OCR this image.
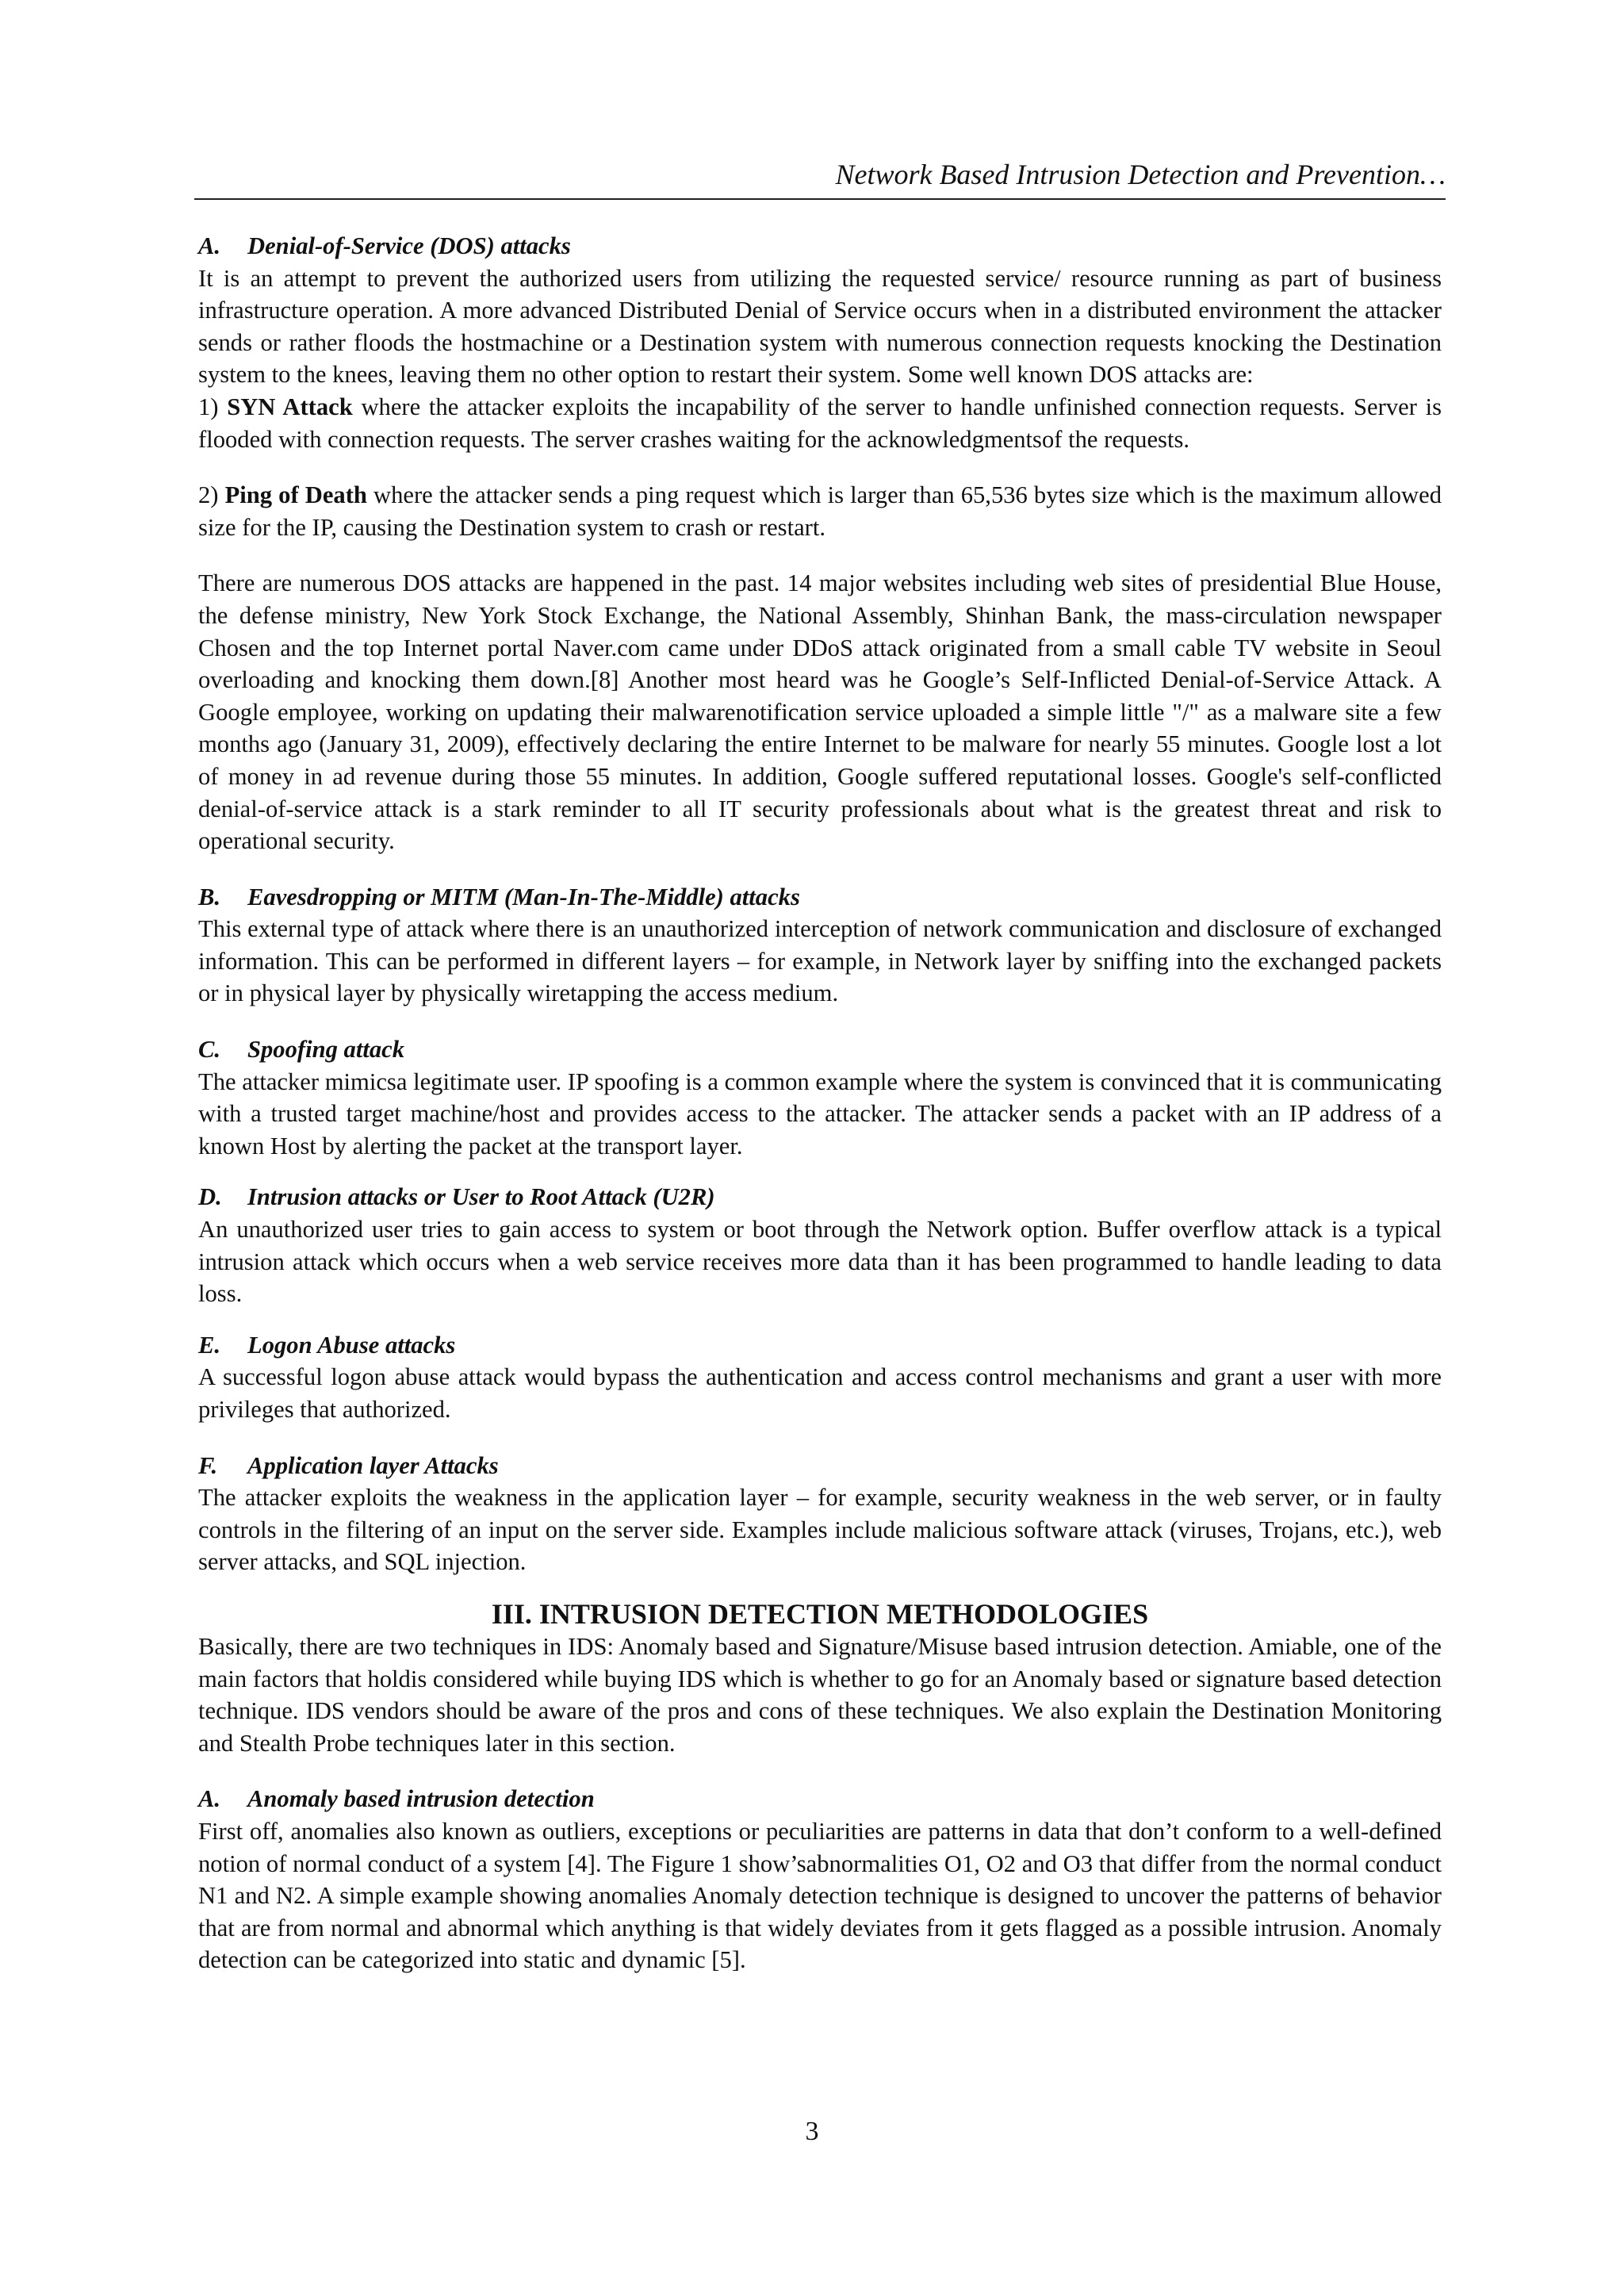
Network Based Intrusion Detection and Prevention…
A. Denial-of-Service (DOS) attacks

It is an attempt to prevent the authorized users from utilizing the requested service/ resource running as part of business infrastructure operation. A more advanced Distributed Denial of Service occurs when in a distributed environment the attacker sends or rather floods the hostmachine or a Destination system with numerous connection requests knocking the Destination system to the knees, leaving them no other option to restart their system. Some well known DOS attacks are:

1) SYN Attack where the attacker exploits the incapability of the server to handle unfinished connection requests. Server is flooded with connection requests. The server crashes waiting for the acknowledgmentsof the requests.

2) Ping of Death where the attacker sends a ping request which is larger than 65,536 bytes size which is the maximum allowed size for the IP, causing the Destination system to crash or restart.

There are numerous DOS attacks are happened in the past. 14 major websites including web sites of presidential Blue House, the defense ministry, New York Stock Exchange, the National Assembly, Shinhan Bank, the mass-circulation newspaper Chosen and the top Internet portal Naver.com came under DDoS attack originated from a small cable TV website in Seoul overloading and knocking them down.[8] Another most heard was he Google’s Self-Inflicted Denial-of-Service Attack. A Google employee, working on updating their malwarenotification service uploaded a simple little "/" as a malware site a few months ago (January 31, 2009), effectively declaring the entire Internet to be malware for nearly 55 minutes. Google lost a lot of money in ad revenue during those 55 minutes. In addition, Google suffered reputational losses. Google's self-conflicted denial-of-service attack is a stark reminder to all IT security professionals about what is the greatest threat and risk to operational security.

B. Eavesdropping or MITM (Man-In-The-Middle) attacks

This external type of attack where there is an unauthorized interception of network communication and disclosure of exchanged information. This can be performed in different layers – for example, in Network layer by sniffing into the exchanged packets or in physical layer by physically wiretapping the access medium.

C. Spoofing attack

The attacker mimicsa legitimate user. IP spoofing is a common example where the system is convinced that it is communicating with a trusted target machine/host and provides access to the attacker. The attacker sends a packet with an IP address of a known Host by alerting the packet at the transport layer.

D. Intrusion attacks or User to Root Attack (U2R)

An unauthorized user tries to gain access to system or boot through the Network option. Buffer overflow attack is a typical intrusion attack which occurs when a web service receives more data than it has been programmed to handle leading to data loss.

E. Logon Abuse attacks

A successful logon abuse attack would bypass the authentication and access control mechanisms and grant a user with more privileges that authorized.

F. Application layer Attacks

The attacker exploits the weakness in the application layer – for example, security weakness in the web server, or in faulty controls in the filtering of an input on the server side. Examples include malicious software attack (viruses, Trojans, etc.), web server attacks, and SQL injection.

III. INTRUSION DETECTION METHODOLOGIES

Basically, there are two techniques in IDS: Anomaly based and Signature/Misuse based intrusion detection. Amiable, one of the main factors that holdis considered while buying IDS which is whether to go for an Anomaly based or signature based detection technique. IDS vendors should be aware of the pros and cons of these techniques. We also explain the Destination Monitoring and Stealth Probe techniques later in this section.

A. Anomaly based intrusion detection

First off, anomalies also known as outliers, exceptions or peculiarities are patterns in data that don’t conform to a well-defined notion of normal conduct of a system [4]. The Figure 1 show’sabnormalities O1, O2 and O3 that differ from the normal conduct N1 and N2. A simple example showing anomalies Anomaly detection technique is designed to uncover the patterns of behavior that are from normal and abnormal which anything is that widely deviates from it gets flagged as a possible intrusion. Anomaly detection can be categorized into static and dynamic [5].

3
